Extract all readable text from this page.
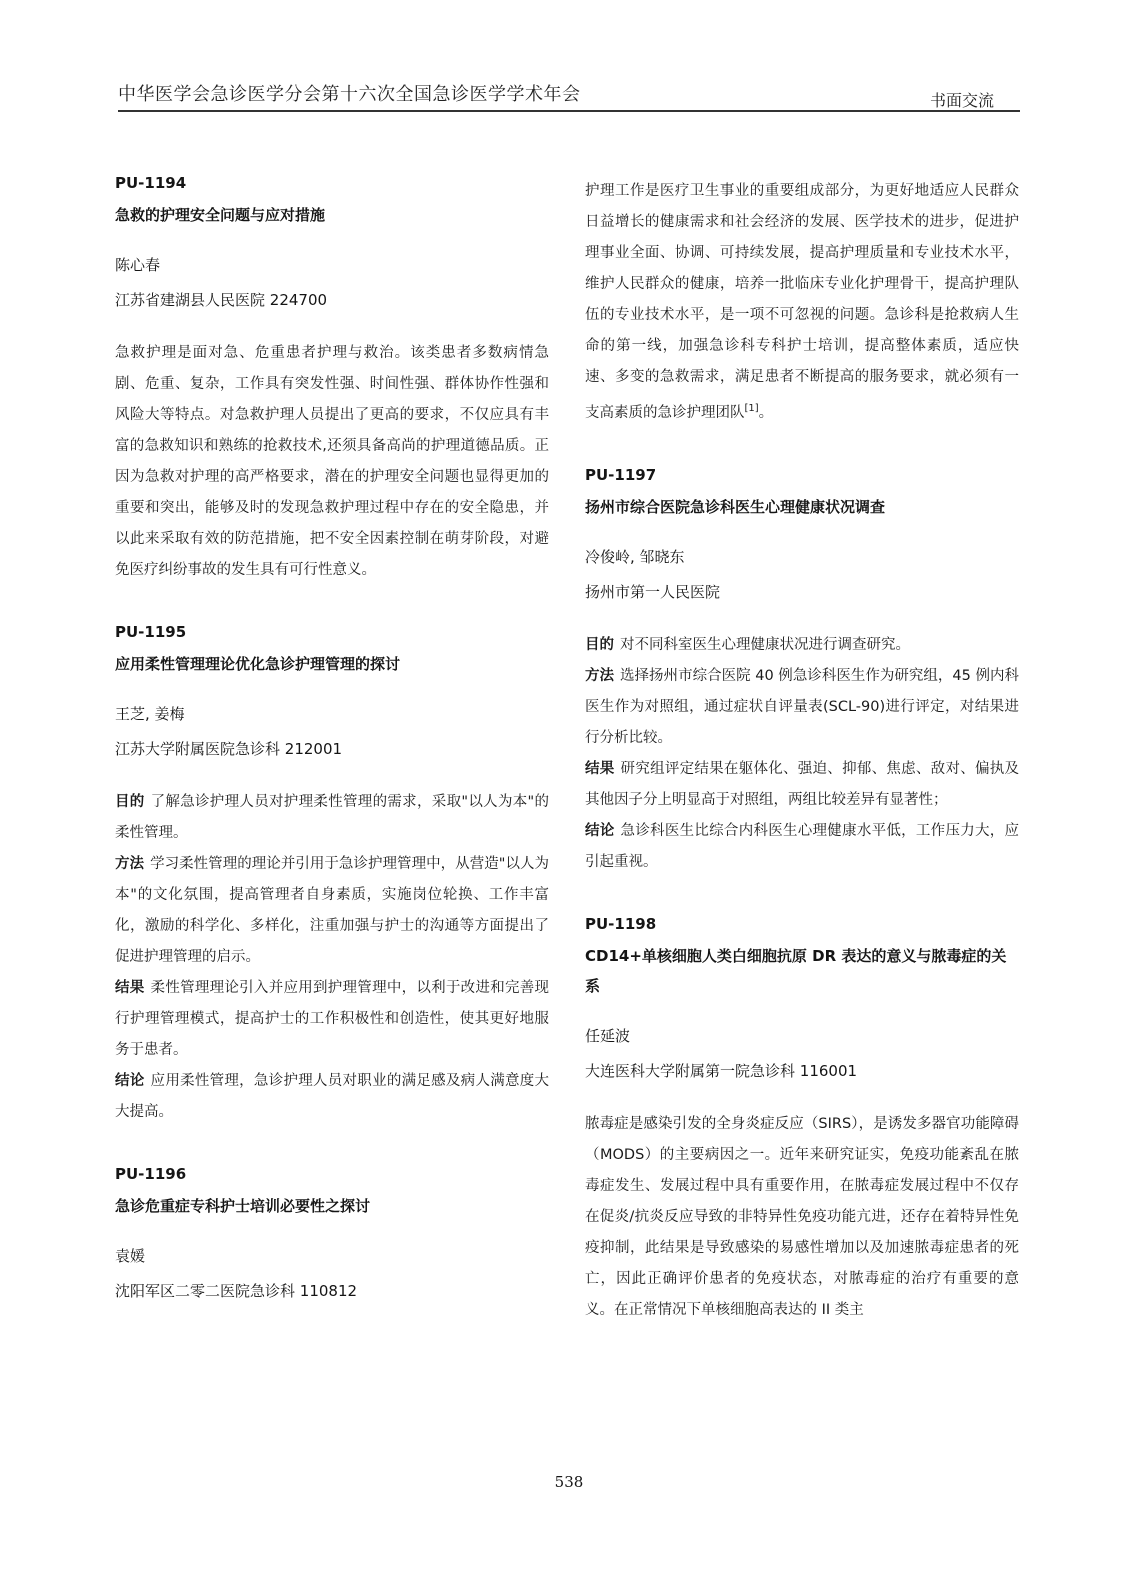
中华医学会急诊医学分会第十六次全国急诊医学学术年会	书面交流
PU-1194
急救的护理安全问题与应对措施
陈心春
江苏省建湖县人民医院 224700

急救护理是面对急、危重患者护理与救治。该类患者多数病情急剧、危重、复杂，工作具有突发性强、时间性强、群体协作性强和风险大等特点。对急救护理人员提出了更高的要求，不仅应具有丰富的急救知识和熟练的抢救技术,还须具备高尚的护理道德品质。正因为急救对护理的高严格要求，潜在的护理安全问题也显得更加的重要和突出，能够及时的发现急救护理过程中存在的安全隐患，并以此来采取有效的防范措施，把不安全因素控制在萌芽阶段，对避免医疗纠纷事故的发生具有可行性意义。

PU-1195
应用柔性管理理论优化急诊护理管理的探讨
王芝, 姜梅
江苏大学附属医院急诊科 212001

目的 了解急诊护理人员对护理柔性管理的需求，采取"以人为本"的柔性管理。

方法 学习柔性管理的理论并引用于急诊护理管理中，从营造"以人为本"的文化氛围，提高管理者自身素质，实施岗位轮换、工作丰富化，激励的科学化、多样化，注重加强与护士的沟通等方面提出了促进护理管理的启示。

结果 柔性管理理论引入并应用到护理管理中，以利于改进和完善现行护理管理模式，提高护士的工作积极性和创造性，使其更好地服务于患者。

结论 应用柔性管理，急诊护理人员对职业的满足感及病人满意度大大提高。

PU-1196
急诊危重症专科护士培训必要性之探讨
袁媛
沈阳军区二零二医院急诊科 110812

护理工作是医疗卫生事业的重要组成部分，为更好地适应人民群众日益增长的健康需求和社会经济的发展、医学技术的进步，促进护理事业全面、协调、可持续发展，提高护理质量和专业技术水平，维护人民群众的健康，培养一批临床专业化护理骨干，提高护理队伍的专业技术水平，是一项不可忽视的问题。急诊科是抢救病人生命的第一线，加强急诊科专科护士培训，提高整体素质，适应快速、多变的急救需求，满足患者不断提高的服务要求，就必须有一支高素质的急诊护理团队[1]。

PU-1197
扬州市综合医院急诊科医生心理健康状况调查
冷俊岭, 邹晓东
扬州市第一人民医院

目的 对不同科室医生心理健康状况进行调查研究。

方法 选择扬州市综合医院 40 例急诊科医生作为研究组，45 例内科医生作为对照组，通过症状自评量表(SCL-90)进行评定，对结果进行分析比较。

结果 研究组评定结果在躯体化、强迫、抑郁、焦虑、敌对、偏执及其他因子分上明显高于对照组，两组比较差异有显著性；

结论 急诊科医生比综合内科医生心理健康水平低，工作压力大，应引起重视。

PU-1198
CD14+单核细胞人类白细胞抗原 DR 表达的意义与脓毒症的关系
任延波
大连医科大学附属第一院急诊科 116001

脓毒症是感染引发的全身炎症反应（SIRS），是诱发多器官功能障碍（MODS）的主要病因之一。近年来研究证实，免疫功能紊乱在脓毒症发生、发展过程中具有重要作用，在脓毒症发展过程中不仅存在促炎/抗炎反应导致的非特异性免疫功能亢进，还存在着特异性免疫抑制，此结果是导致感染的易感性增加以及加速脓毒症患者的死亡，因此正确评价患者的免疫状态，对脓毒症的治疗有重要的意义。在正常情况下单核细胞高表达的 II 类主

538
